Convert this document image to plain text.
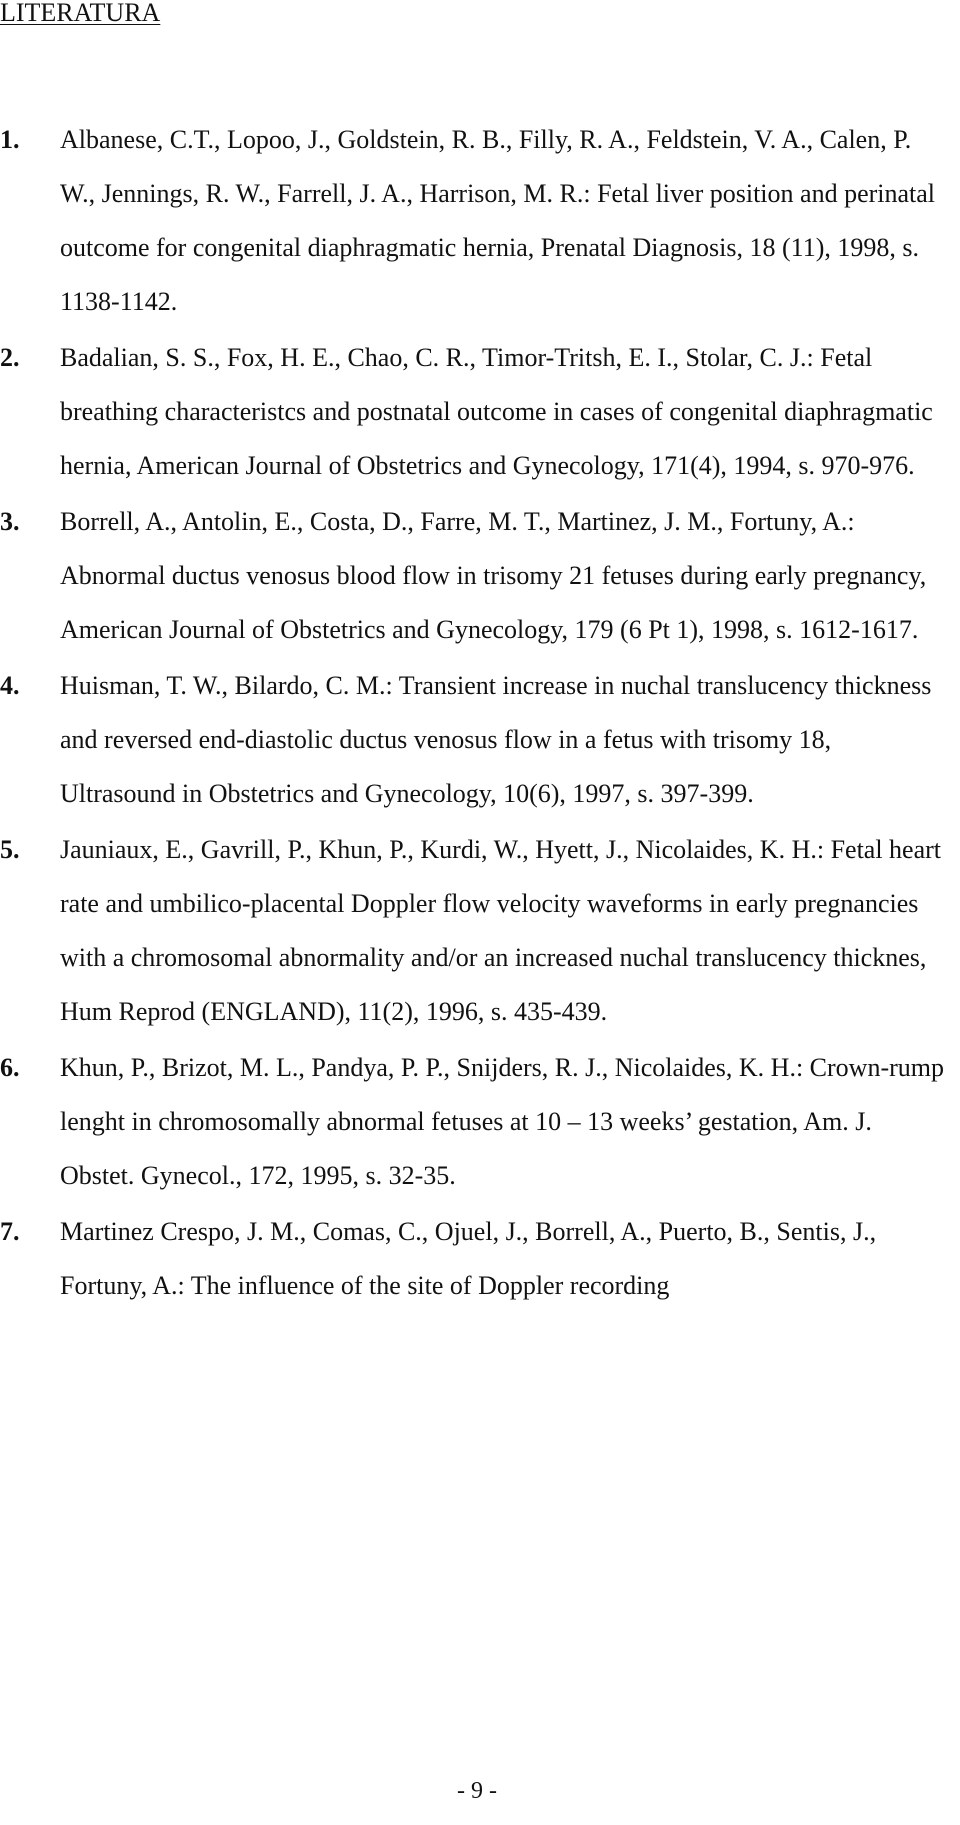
LITERATURA
1. Albanese, C.T., Lopoo, J., Goldstein, R. B., Filly, R. A., Feldstein, V. A., Calen, P. W., Jennings, R. W., Farrell, J. A., Harrison, M. R.: Fetal liver position and perinatal outcome for congenital diaphragmatic hernia, Prenatal Diagnosis, 18 (11), 1998, s. 1138-1142.
2. Badalian, S. S., Fox, H. E., Chao, C. R., Timor-Tritsh, E. I., Stolar, C. J.: Fetal breathing characteristcs and postnatal outcome in cases of congenital diaphragmatic hernia, American Journal of Obstetrics and Gynecology, 171(4), 1994, s. 970-976.
3. Borrell, A., Antolin, E., Costa, D., Farre, M. T., Martinez, J. M., Fortuny, A.: Abnormal ductus venosus blood flow in trisomy 21 fetuses during early pregnancy, American Journal of Obstetrics and Gynecology, 179 (6 Pt 1), 1998, s. 1612-1617.
4. Huisman, T. W., Bilardo, C. M.: Transient increase in nuchal translucency thickness and reversed end-diastolic ductus venosus flow in a fetus with trisomy 18, Ultrasound in Obstetrics and Gynecology, 10(6), 1997, s. 397-399.
5. Jauniaux, E., Gavrill, P., Khun, P., Kurdi, W., Hyett, J., Nicolaides, K. H.: Fetal heart rate and umbilico-placental Doppler flow velocity waveforms in early pregnancies with a chromosomal abnormality and/or an increased nuchal translucency thicknes, Hum Reprod (ENGLAND), 11(2), 1996, s. 435-439.
6. Khun, P., Brizot, M. L., Pandya, P. P., Snijders, R. J., Nicolaides, K. H.: Crown-rump lenght in chromosomally abnormal fetuses at 10 – 13 weeks’ gestation, Am. J. Obstet. Gynecol., 172, 1995, s. 32-35.
7. Martinez Crespo, J. M., Comas, C., Ojuel, J., Borrell, A., Puerto, B., Sentis, J., Fortuny, A.: The influence of the site of Doppler recording
- 9 -
